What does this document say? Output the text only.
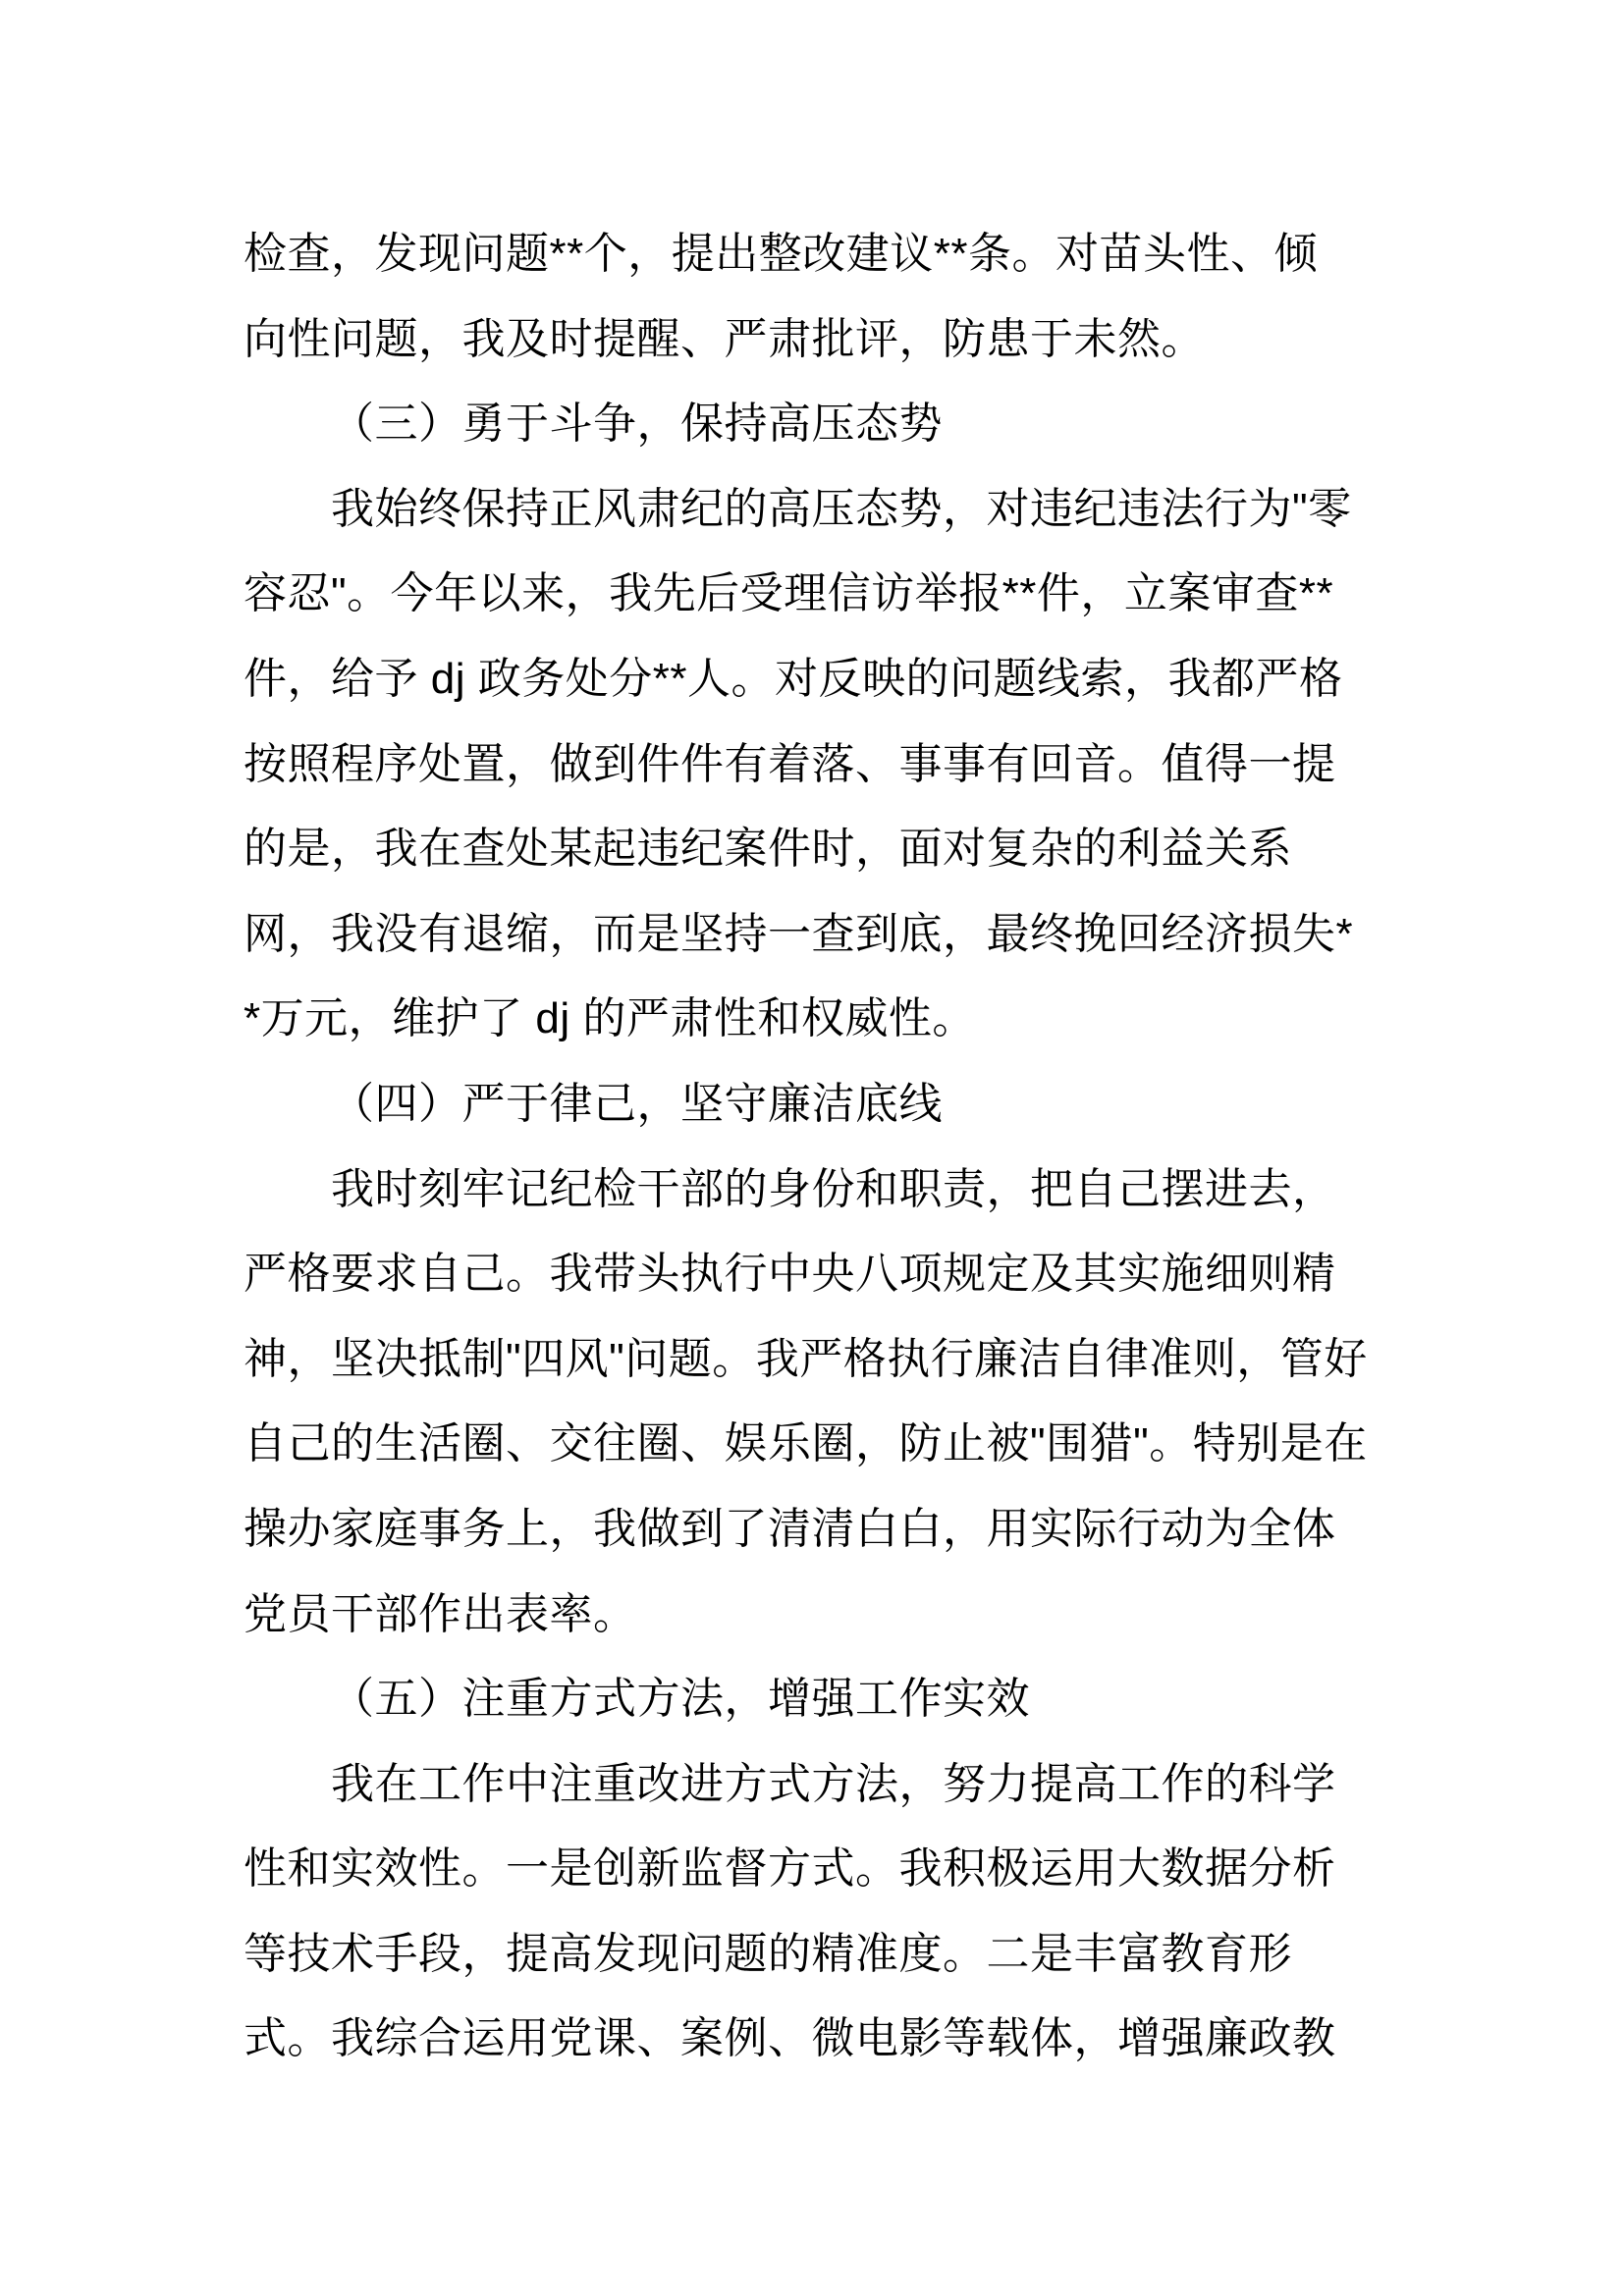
检查，发现问题**个，提出整改建议**条。对苗头性、倾
向性问题，我及时提醒、严肃批评，防患于未然。
（三）勇于斗争，保持高压态势
我始终保持正风肃纪的高压态势，对违纪违法行为"零
容忍"。今年以来，我先后受理信访举报**件，立案审查**
件，给予 dj 政务处分**人。对反映的问题线索，我都严格
按照程序处置，做到件件有着落、事事有回音。值得一提
的是，我在查处某起违纪案件时，面对复杂的利益关系
网，我没有退缩，而是坚持一查到底，最终挽回经济损失*
*万元，维护了 dj 的严肃性和权威性。
（四）严于律己，坚守廉洁底线
我时刻牢记纪检干部的身份和职责，把自己摆进去，
严格要求自己。我带头执行中央八项规定及其实施细则精
神，坚决抵制"四风"问题。我严格执行廉洁自律准则，管好
自己的生活圈、交往圈、娱乐圈，防止被"围猎"。特别是在
操办家庭事务上，我做到了清清白白，用实际行动为全体
党员干部作出表率。
（五）注重方式方法，增强工作实效
我在工作中注重改进方式方法，努力提高工作的科学
性和实效性。一是创新监督方式。我积极运用大数据分析
等技术手段，提高发现问题的精准度。二是丰富教育形
式。我综合运用党课、案例、微电影等载体，增强廉政教
